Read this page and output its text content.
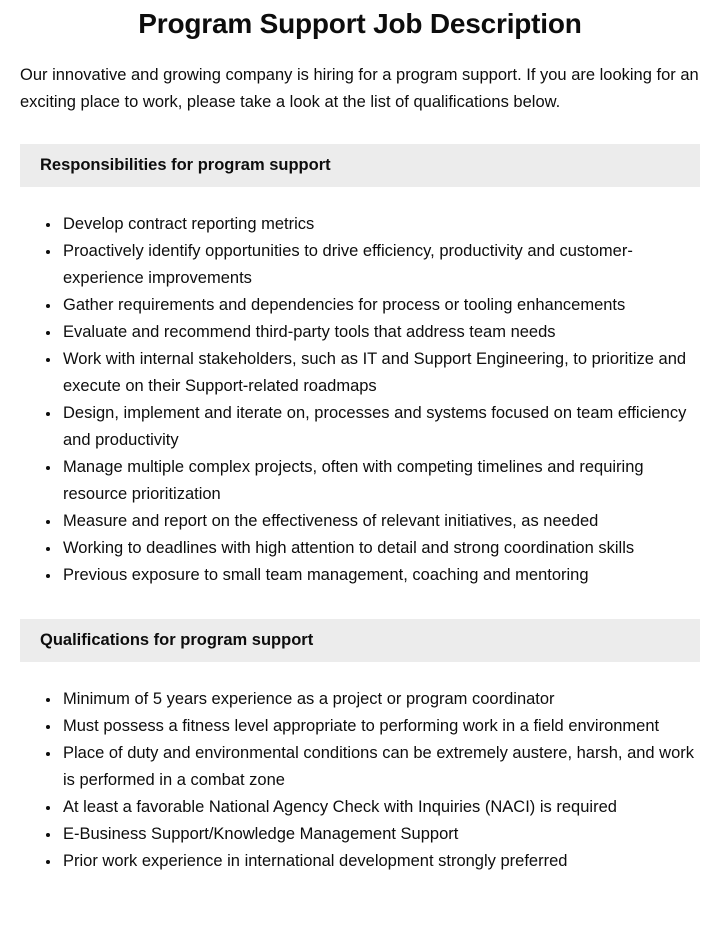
Program Support Job Description

Our innovative and growing company is hiring for a program support. If you are looking for an exciting place to work, please take a look at the list of qualifications below.

Responsibilities for program support
• Develop contract reporting metrics
• Proactively identify opportunities to drive efficiency, productivity and customer-experience improvements
• Gather requirements and dependencies for process or tooling enhancements
• Evaluate and recommend third-party tools that address team needs
• Work with internal stakeholders, such as IT and Support Engineering, to prioritize and execute on their Support-related roadmaps
• Design, implement and iterate on, processes and systems focused on team efficiency and productivity
• Manage multiple complex projects, often with competing timelines and requiring resource prioritization
• Measure and report on the effectiveness of relevant initiatives, as needed
• Working to deadlines with high attention to detail and strong coordination skills
• Previous exposure to small team management, coaching and mentoring
Qualifications for program support
• Minimum of 5 years experience as a project or program coordinator
• Must possess a fitness level appropriate to performing work in a field environment
• Place of duty and environmental conditions can be extremely austere, harsh, and work is performed in a combat zone
• At least a favorable National Agency Check with Inquiries (NACI) is required
• E-Business Support/Knowledge Management Support
• Prior work experience in international development strongly preferred
